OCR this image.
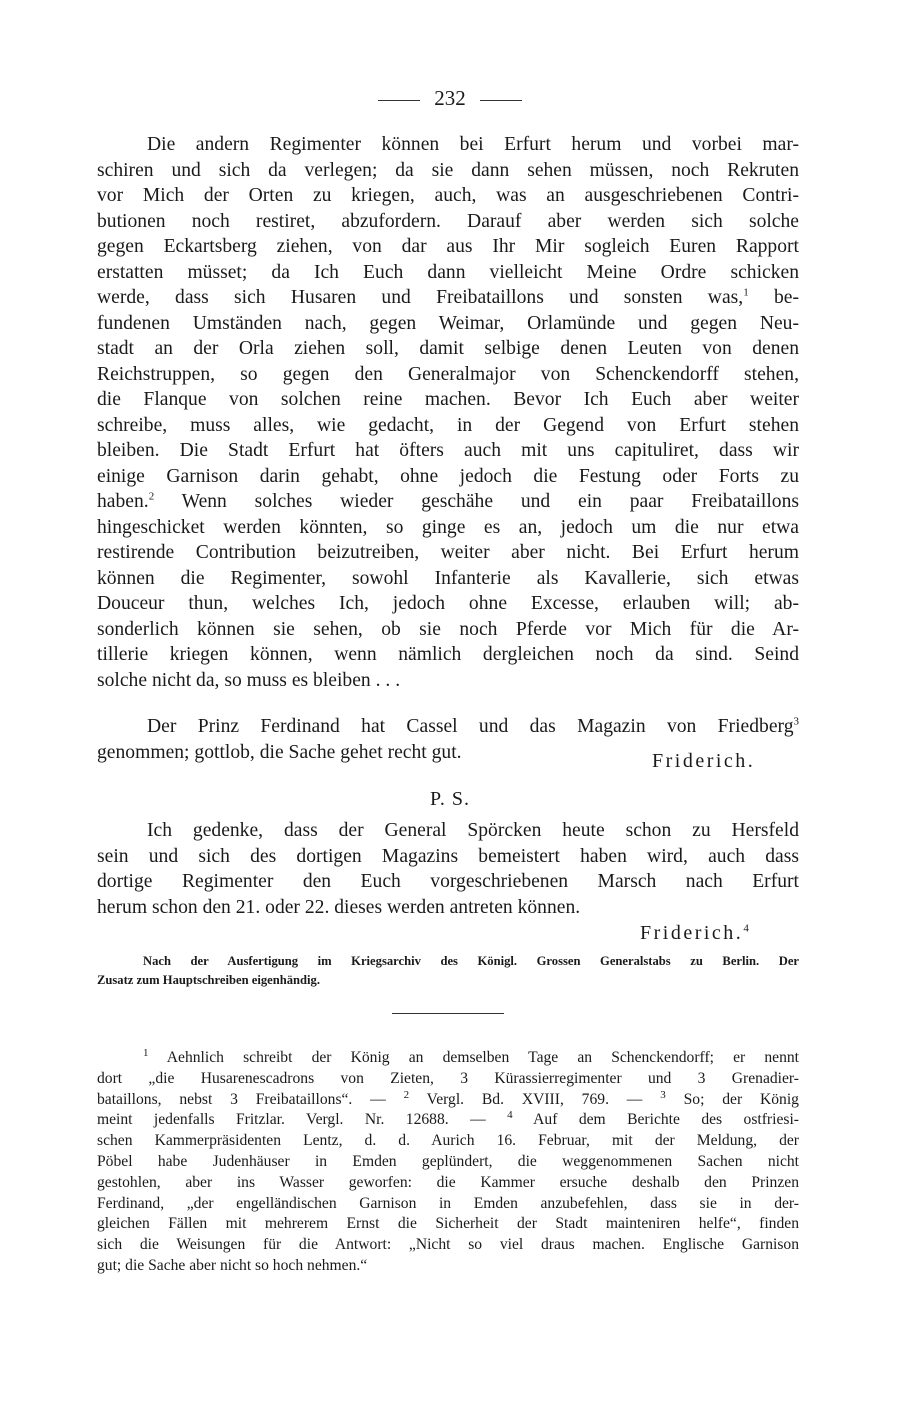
232
Die andern Regimenter können bei Erfurt herum und vorbei mar-
schiren und sich da verlegen; da sie dann sehen müssen, noch Rekruten
vor Mich der Orten zu kriegen, auch, was an ausgeschriebenen Contri-
butionen noch restiret, abzufordern. Darauf aber werden sich solche
gegen Eckartsberg ziehen, von dar aus Ihr Mir sogleich Euren Rapport
erstatten müsset; da Ich Euch dann vielleicht Meine Ordre schicken
werde, dass sich Husaren und Freibataillons und sonsten was,$^1$ be-
fundenen Umständen nach, gegen Weimar, Orlamünde und gegen Neu-
stadt an der Orla ziehen soll, damit selbige denen Leuten von denen
Reichstruppen, so gegen den Generalmajor von Schenckendorff stehen,
die Flanque von solchen reine machen. Bevor Ich Euch aber weiter
schreibe, muss alles, wie gedacht, in der Gegend von Erfurt stehen
bleiben. Die Stadt Erfurt hat öfters auch mit uns capituliret, dass wir
einige Garnison darin gehabt, ohne jedoch die Festung oder Forts zu
haben.$^2$ Wenn solches wieder geschähe und ein paar Freibataillons
hingeschicket werden könnten, so ginge es an, jedoch um die nur etwa
restirende Contribution beizutreiben, weiter aber nicht. Bei Erfurt herum
können die Regimenter, sowohl Infanterie als Kavallerie, sich etwas
Douceur thun, welches Ich, jedoch ohne Excesse, erlauben will; ab-
sonderlich können sie sehen, ob sie noch Pferde vor Mich für die Ar-
tillerie kriegen können, wenn nämlich dergleichen noch da sind. Seind
solche nicht da, so muss es bleiben . . .
Der Prinz Ferdinand hat Cassel und das Magazin von Friedberg$^3$
genommen; gottlob, die Sache gehet recht gut.	Friderich.
P. S.
Ich gedenke, dass der General Spörcken heute schon zu Hersfeld
sein und sich des dortigen Magazins bemeistert haben wird, auch dass
dortige Regimenter den Euch vorgeschriebenen Marsch nach Erfurt
herum schon den 21. oder 22. dieses werden antreten können.
Friderich.$^4$
Nach der Ausfertigung im Kriegsarchiv des Königl. Grossen Generalstabs zu Berlin. Der
Zusatz zum Hauptschreiben eigenhändig.
$^1$ Aehnlich schreibt der König an demselben Tage an Schenckendorff; er nennt
dort „die Husarenescadrons von Zieten, 3 Kürassierregimenter und 3 Grenadier-
bataillons, nebst 3 Freibataillons“. — $^2$ Vergl. Bd. XVIII, 769. — $^3$ So; der König
meint jedenfalls Fritzlar. Vergl. Nr. 12688. — $^4$ Auf dem Berichte des ostfriesi-
schen Kammerpräsidenten Lentz, d. d. Aurich 16. Februar, mit der Meldung, der
Pöbel habe Judenhäuser in Emden geplündert, die weggenommenen Sachen nicht
gestohlen, aber ins Wasser geworfen: die Kammer ersuche deshalb den Prinzen
Ferdinand, „der engelländischen Garnison in Emden anzubefehlen, dass sie in der-
gleichen Fällen mit mehrerem Ernst die Sicherheit der Stadt mainteniren helfe“, finden
sich die Weisungen für die Antwort: „Nicht so viel draus machen. Englische Garnison
gut; die Sache aber nicht so hoch nehmen.“
